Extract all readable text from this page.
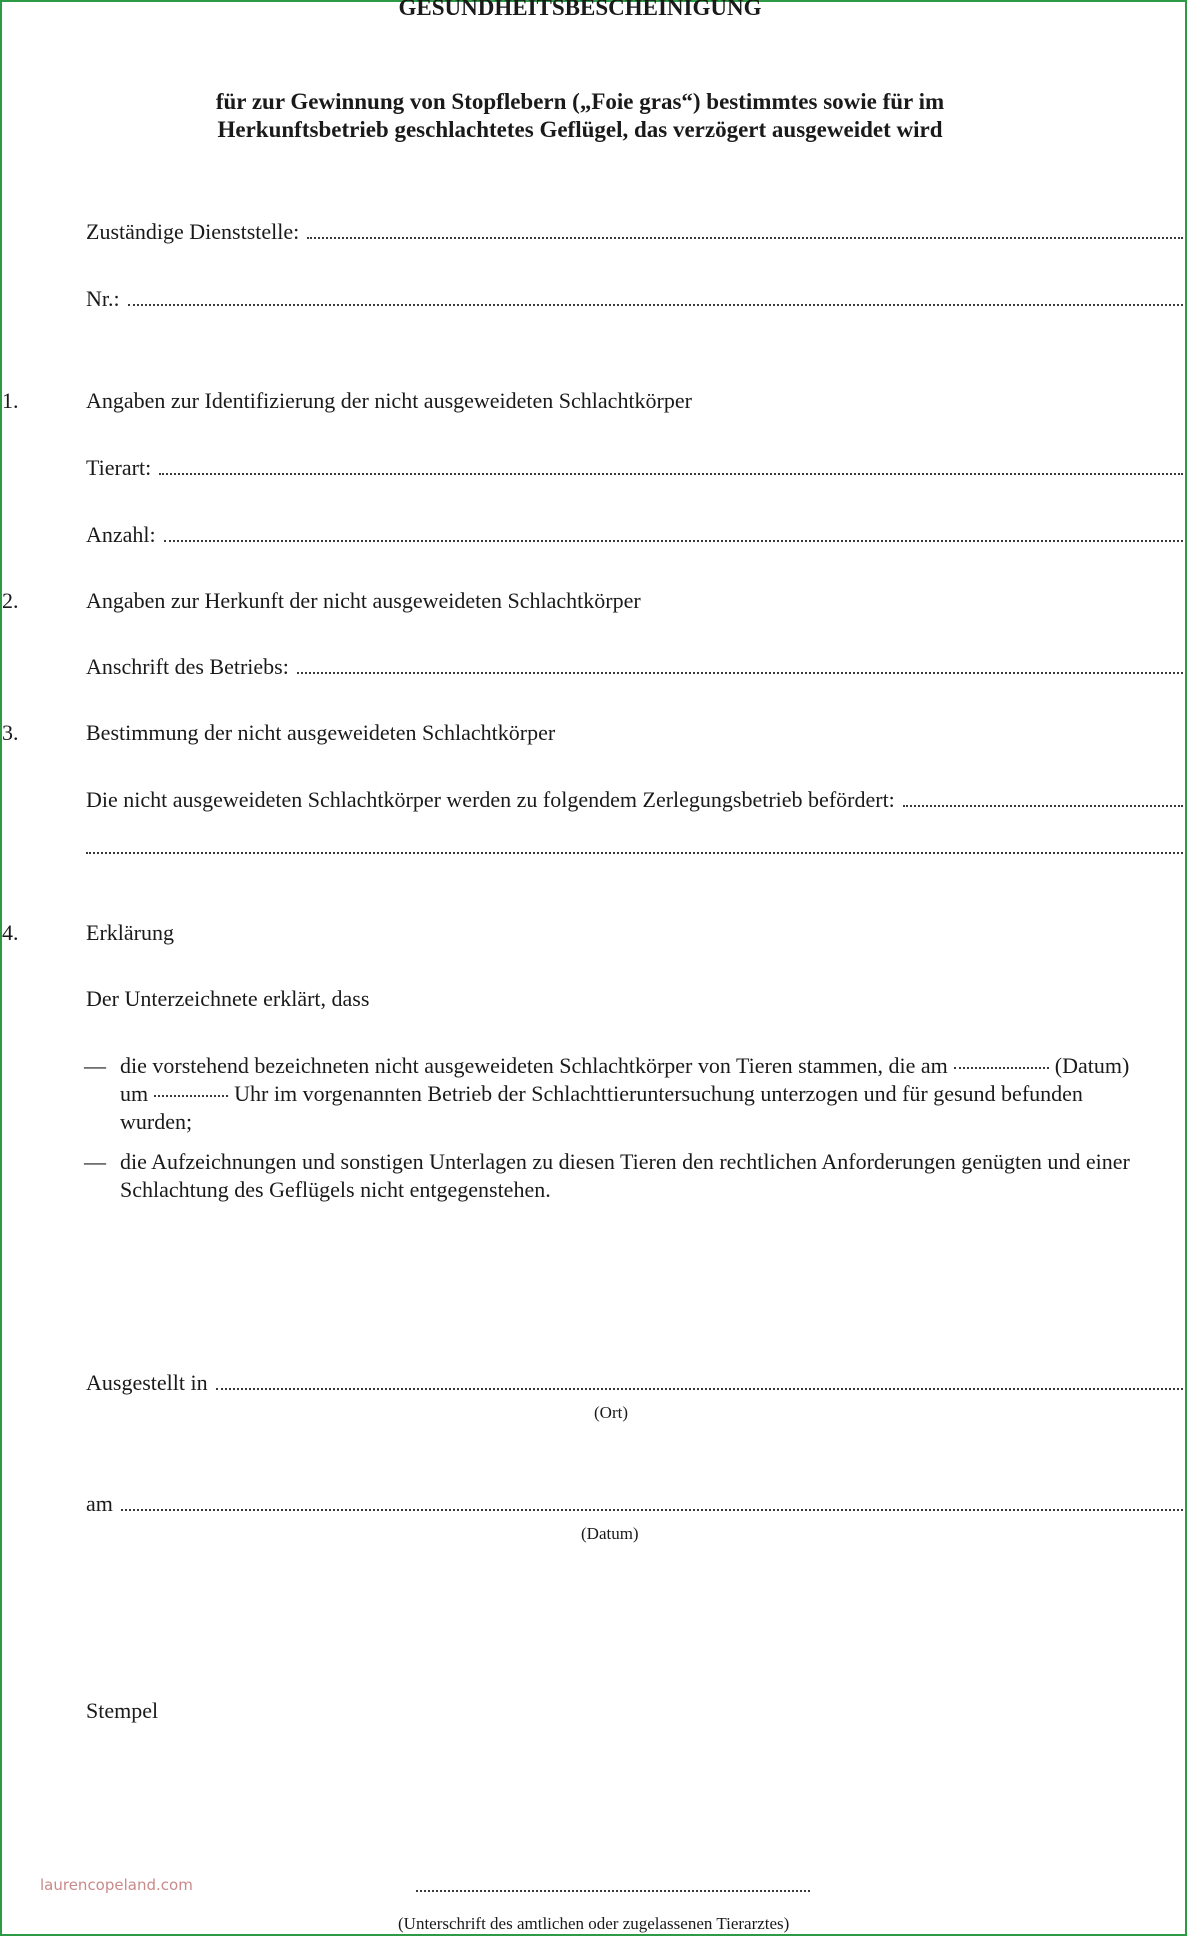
GESUNDHEITSBESCHEINIGUNG
für zur Gewinnung von Stopflebern („Foie gras“) bestimmtes sowie für im
Herkunftsbetrieb geschlachtetes Geflügel, das verzögert ausgeweidet wird
Zuständige Dienststelle:
Nr.:
1.	Angaben zur Identifizierung der nicht ausgeweideten Schlachtkörper
Tierart:
Anzahl:
2.	Angaben zur Herkunft der nicht ausgeweideten Schlachtkörper
Anschrift des Betriebs:
3.	Bestimmung der nicht ausgeweideten Schlachtkörper
Die nicht ausgeweideten Schlachtkörper werden zu folgendem Zerlegungsbetrieb befördert:
4.	Erklärung
Der Unterzeichnete erklärt, dass
— die vorstehend bezeichneten nicht ausgeweideten Schlachtkörper von Tieren stammen, die am	(Datum)
um	Uhr im vorgenannten Betrieb der Schlachttieruntersuchung unterzogen und für gesund befunden
wurden;
— die Aufzeichnungen und sonstigen Unterlagen zu diesen Tieren den rechtlichen Anforderungen genügten und einer
Schlachtung des Geflügels nicht entgegenstehen.
Ausgestellt in
(Ort)
am
(Datum)
Stempel
(Unterschrift des amtlichen oder zugelassenen Tierarztes)
laurencopeland.com
